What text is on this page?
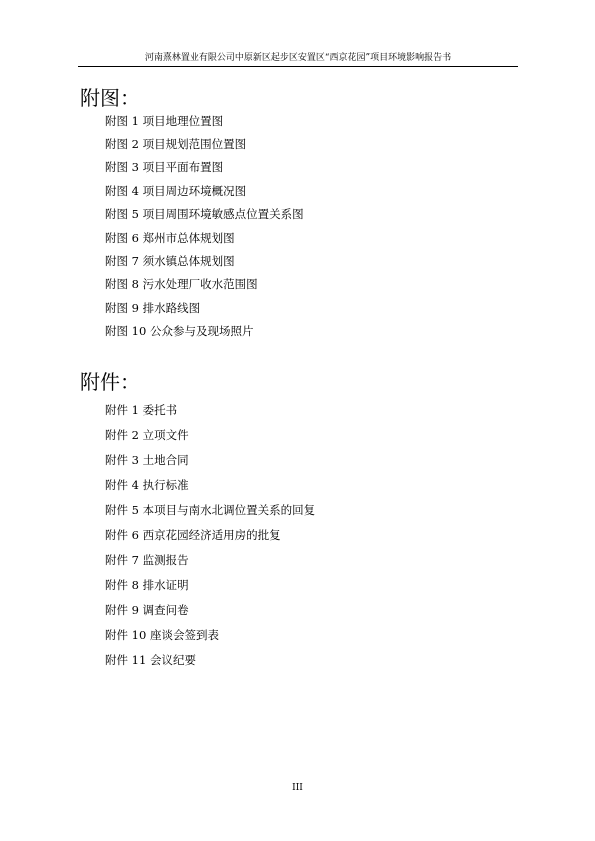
河南熹林置业有限公司中原新区起步区安置区“西京花园”项目环境影响报告书
附图：
附图 1 项目地理位置图
附图 2 项目规划范围位置图
附图 3 项目平面布置图
附图 4 项目周边环境概况图
附图 5 项目周围环境敏感点位置关系图
附图 6 郑州市总体规划图
附图 7 须水镇总体规划图
附图 8 污水处理厂收水范围图
附图 9 排水路线图
附图 10 公众参与及现场照片
附件：
附件 1 委托书
附件 2 立项文件
附件 3 土地合同
附件 4 执行标准
附件 5 本项目与南水北调位置关系的回复
附件 6 西京花园经济适用房的批复
附件 7 监测报告
附件 8 排水证明
附件 9 调查问卷
附件 10 座谈会签到表
附件 11 会议纪要
III
